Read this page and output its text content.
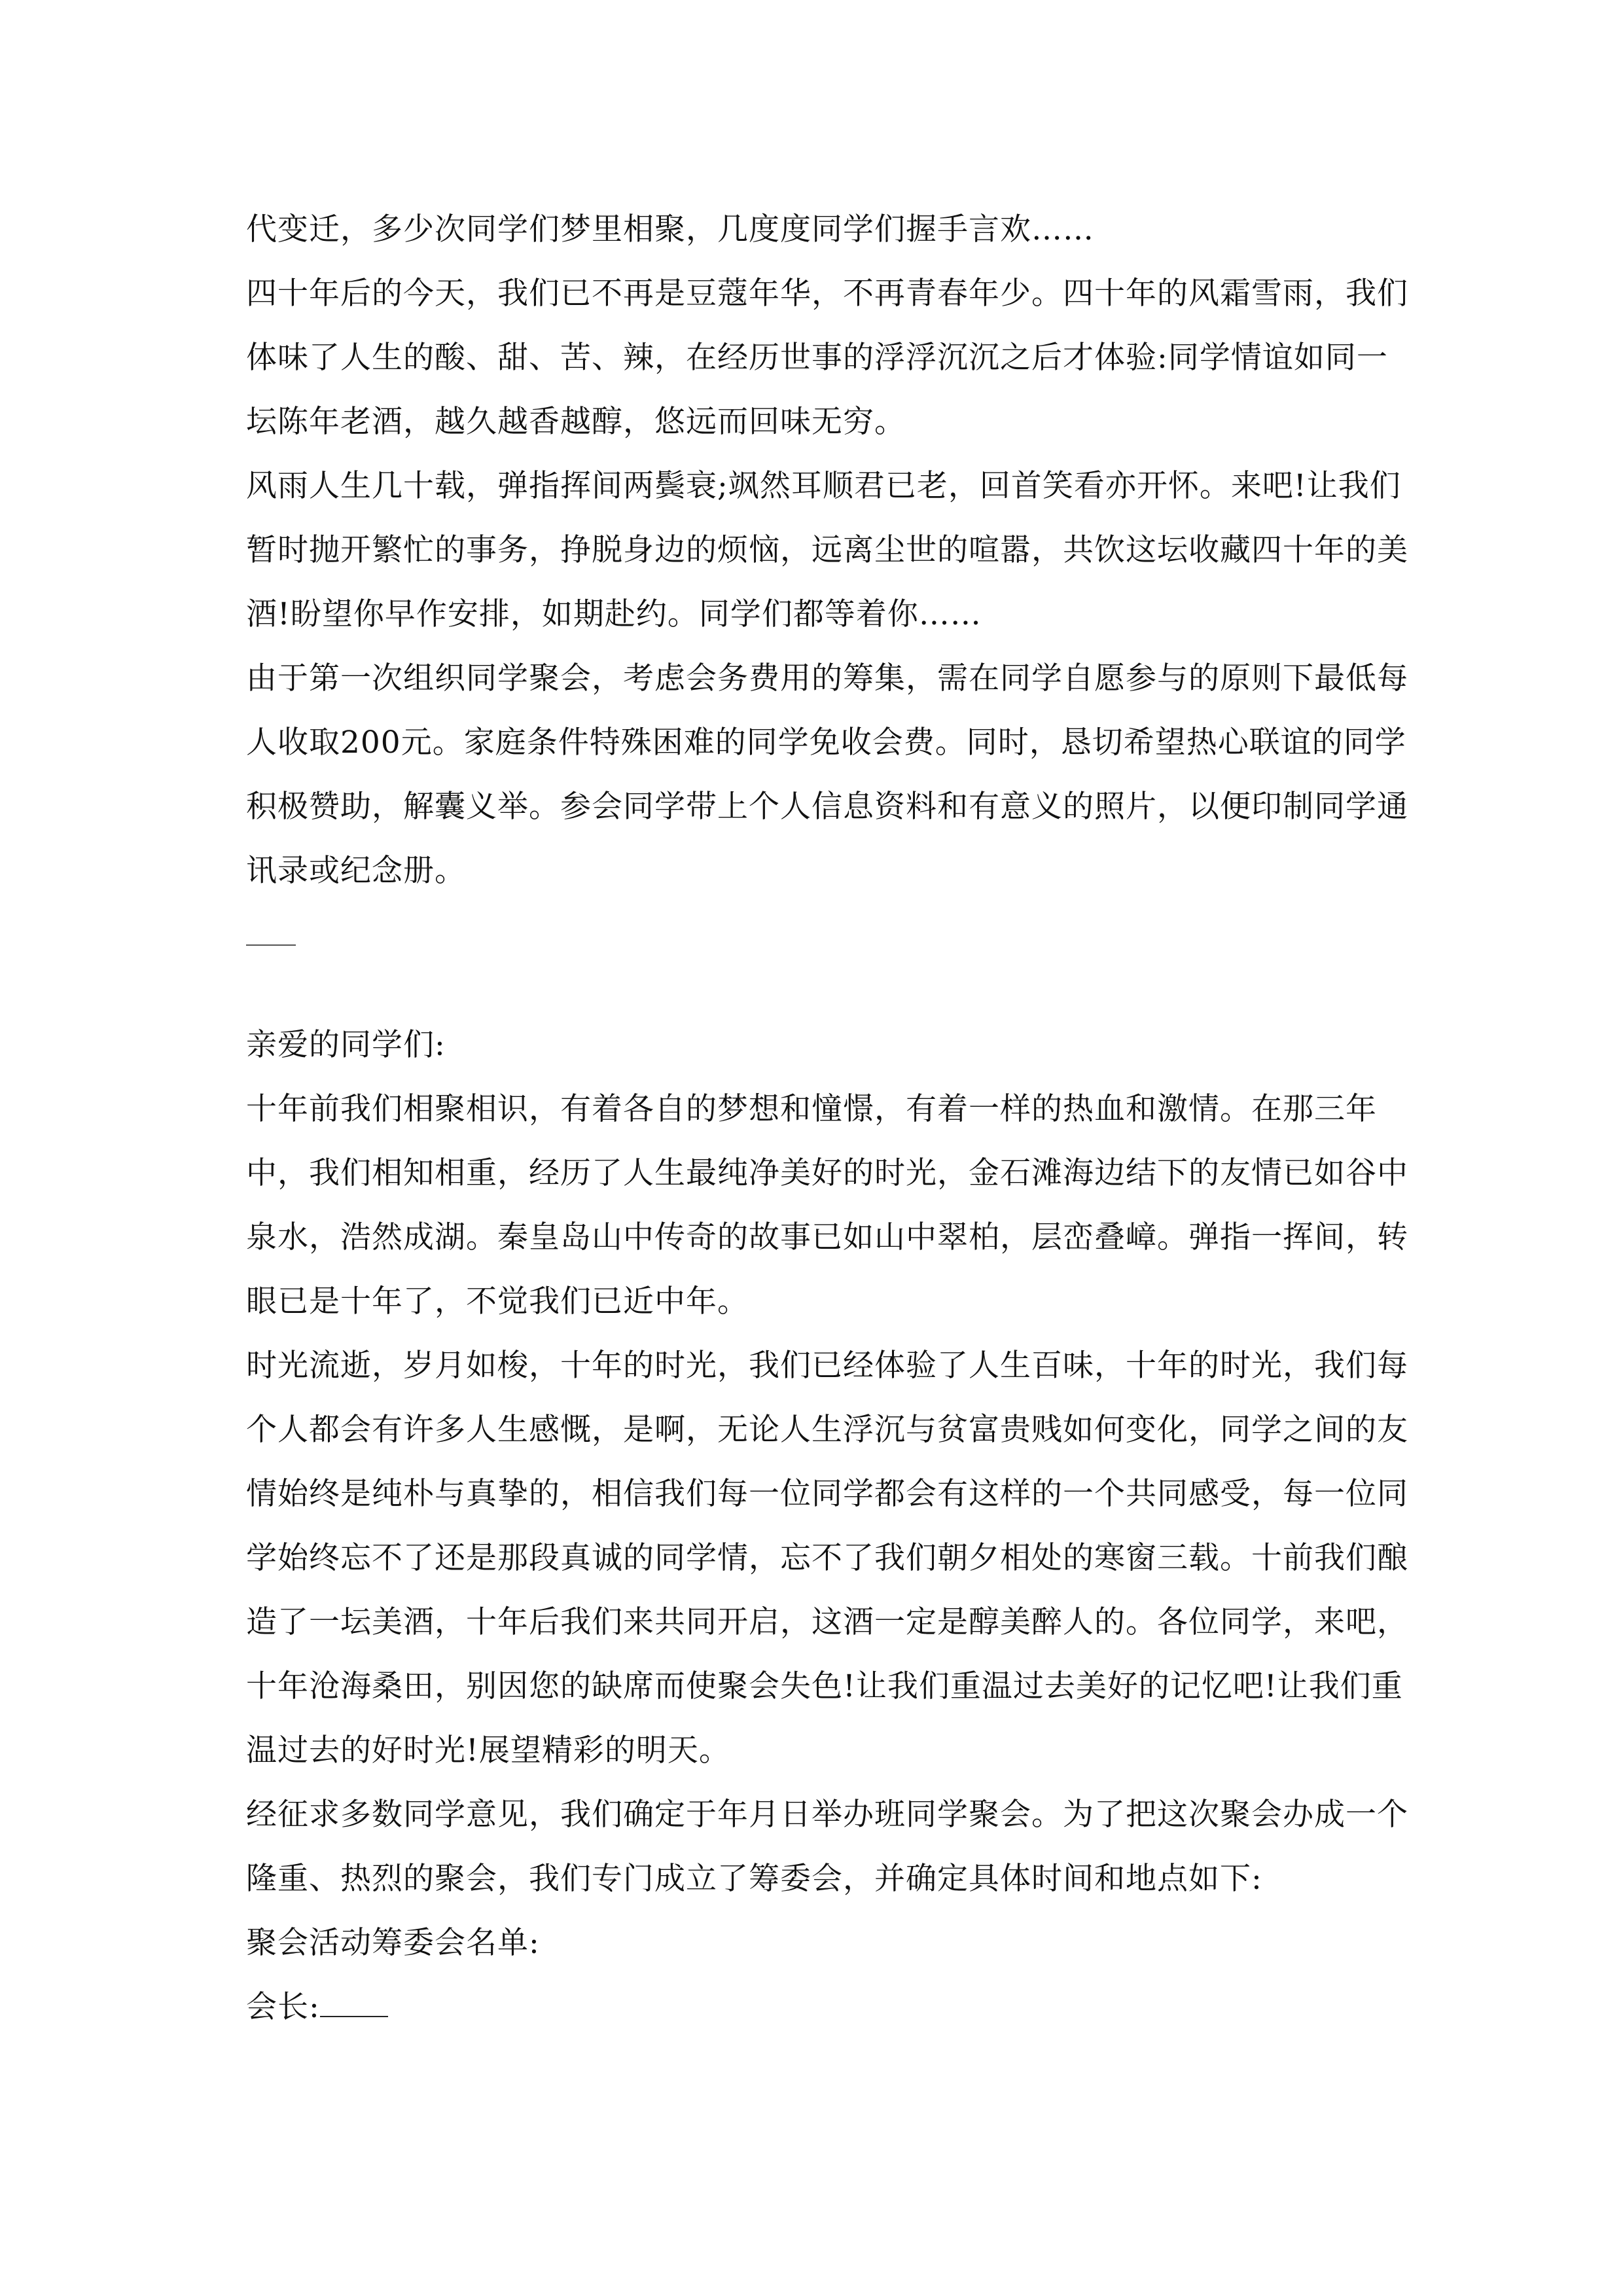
代变迁，多少次同学们梦里相聚，几度度同学们握手言欢……

四十年后的今天，我们已不再是豆蔻年华，不再青春年少。四十年的风霜雪雨，我们体味了人生的酸、甜、苦、辣，在经历世事的浮浮沉沉之后才体验:同学情谊如同一坛陈年老酒，越久越香越醇，悠远而回味无穷。

风雨人生几十载，弹指挥间两鬓衰;飒然耳顺君已老，回首笑看亦开怀。来吧!让我们暂时抛开繁忙的事务，挣脱身边的烦恼，远离尘世的喧嚣，共饮这坛收藏四十年的美酒!盼望你早作安排，如期赴约。同学们都等着你……

由于第一次组织同学聚会，考虑会务费用的筹集，需在同学自愿参与的原则下最低每人收取200元。家庭条件特殊困难的同学免收会费。同时，恳切希望热心联谊的同学积极赞助，解囊义举。参会同学带上个人信息资料和有意义的照片，以便印制同学通讯录或纪念册。

亲爱的同学们:

十年前我们相聚相识，有着各自的梦想和憧憬，有着一样的热血和激情。在那三年中，我们相知相重，经历了人生最纯净美好的时光，金石滩海边结下的友情已如谷中泉水，浩然成湖。秦皇岛山中传奇的故事已如山中翠柏，层峦叠嶂。弹指一挥间，转眼已是十年了，不觉我们已近中年。

时光流逝，岁月如梭，十年的时光，我们已经体验了人生百味，十年的时光，我们每个人都会有许多人生感慨，是啊，无论人生浮沉与贫富贵贱如何变化，同学之间的友情始终是纯朴与真挚的，相信我们每一位同学都会有这样的一个共同感受，每一位同学始终忘不了还是那段真诚的同学情，忘不了我们朝夕相处的寒窗三载。十前我们酿造了一坛美酒，十年后我们来共同开启，这酒一定是醇美醉人的。各位同学，来吧，十年沧海桑田，别因您的缺席而使聚会失色!让我们重温过去美好的记忆吧!让我们重温过去的好时光!展望精彩的明天。

经征求多数同学意见，我们确定于年月日举办班同学聚会。为了把这次聚会办成一个隆重、热烈的聚会，我们专门成立了筹委会，并确定具体时间和地点如下:

聚会活动筹委会名单:

会长:
